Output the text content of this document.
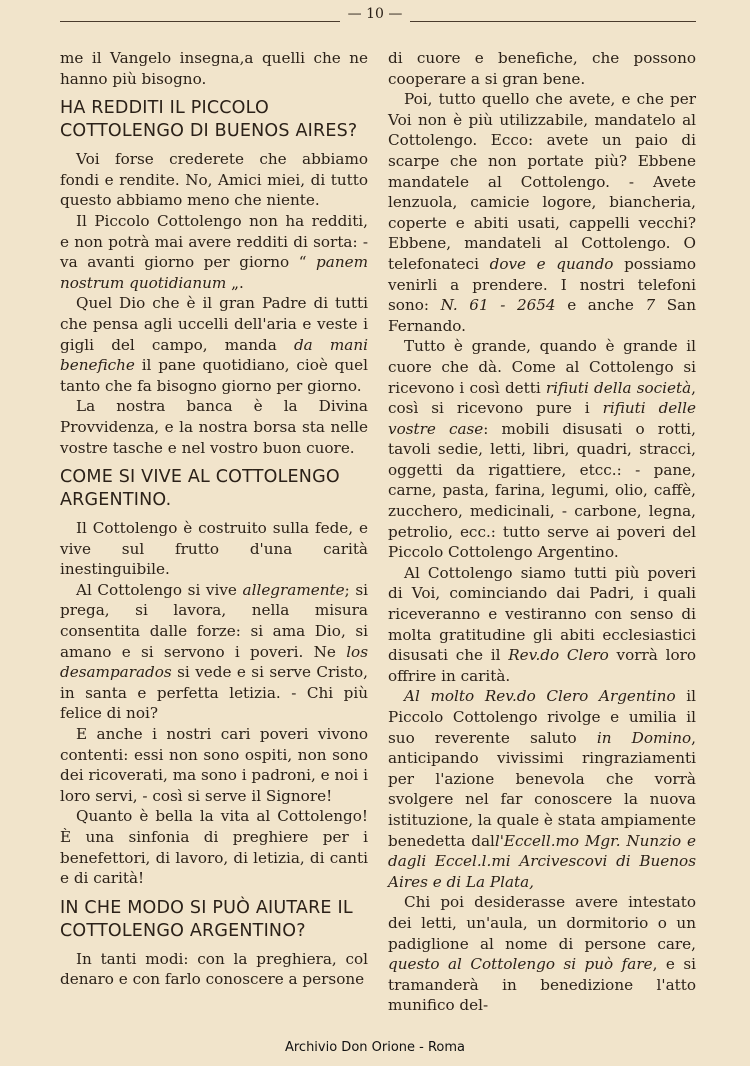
— 10 —

me il Vangelo insegna,a quelli che ne hanno più bisogno.

HA REDDITI IL PICCOLO COTTOLENGO DI BUENOS AIRES?

Voi forse crederete che abbiamo fondi e rendite. No, Amici miei, di tutto questo abbiamo meno che niente.

Il Piccolo Cottolengo non ha redditi, e non potrà mai avere redditi di sorta: - va avanti giorno per giorno “ panem nostrum quotidianum „.

Quel Dio che è il gran Padre di tutti che pensa agli uccelli dell'aria e veste i gigli del campo, manda da mani benefiche il pane quotidiano, cioè quel tanto che fa bisogno giorno per giorno.

La nostra banca è la Divina Provvidenza, e la nostra borsa sta nelle vostre tasche e nel vostro buon cuore.

COME SI VIVE AL COTTOLENGO ARGENTINO.

Il Cottolengo è costruito sulla fede, e vive sul frutto d'una carità inestinguibile.

Al Cottolengo si vive allegramente; si prega, si lavora, nella misura consentita dalle forze: si ama Dio, si amano e si servono i poveri. Ne los desamparados si vede e si serve Cristo, in santa e perfetta letizia. - Chi più felice di noi?

E anche i nostri cari poveri vivono contenti: essi non sono ospiti, non sono dei ricoverati, ma sono i padroni, e noi i loro servi, - così si serve il Signore!

Quanto è bella la vita al Cottolengo! È una sinfonia di preghiere per i benefettori, di lavoro, di letizia, di canti e di carità!

IN CHE MODO SI PUÒ AIUTARE IL COTTOLENGO ARGENTINO?

In tanti modi: con la preghiera, col denaro e con farlo conoscere a persone

di cuore e benefiche, che possono cooperare a si gran bene.

Poi, tutto quello che avete, e che per Voi non è più utilizzabile, mandatelo al Cottolengo. Ecco: avete un paio di scarpe che non portate più? Ebbene mandatele al Cottolengo. - Avete lenzuola, camicie logore, biancheria, coperte e abiti usati, cappelli vecchi? Ebbene, mandateli al Cottolengo. O telefonateci dove e quando possiamo venirli a prendere. I nostri telefoni sono: N. 61 - 2654 e anche 7 San Fernando.

Tutto è grande, quando è grande il cuore che dà. Come al Cottolengo si ricevono i così detti rifiuti della società, così si ricevono pure i rifiuti delle vostre case: mobili disusati o rotti, tavoli sedie, letti, libri, quadri, stracci, oggetti da rigattiere, etcc.: - pane, carne, pasta, farina, legumi, olio, caffè, zucchero, medicinali, - carbone, legna, petrolio, ecc.: tutto serve ai poveri del Piccolo Cottolengo Argentino.

Al Cottolengo siamo tutti più poveri di Voi, cominciando dai Padri, i quali riceveranno e vestiranno con senso di molta gratitudine gli abiti ecclesiastici disusati che il Rev.do Clero vorrà loro offrire in carità.

Al molto Rev.do Clero Argentino il Piccolo Cottolengo rivolge e umilia il suo reverente saluto in Domino, anticipando vivissimi ringraziamenti per l'azione benevola che vorrà svolgere nel far conoscere la nuova istituzione, la quale è stata ampiamente benedetta dall'Eccell.mo Mgr. Nunzio e dagli Eccel.l.mi Arcivescovi di Buenos Aires e di La Plata,

Chi poi desiderasse avere intestato dei letti, un'aula, un dormitorio o un padiglione al nome di persone care, questo al Cottolengo si può fare, e si tramanderà in benedizione l'atto munifico del-

Archivio Don Orione - Roma
